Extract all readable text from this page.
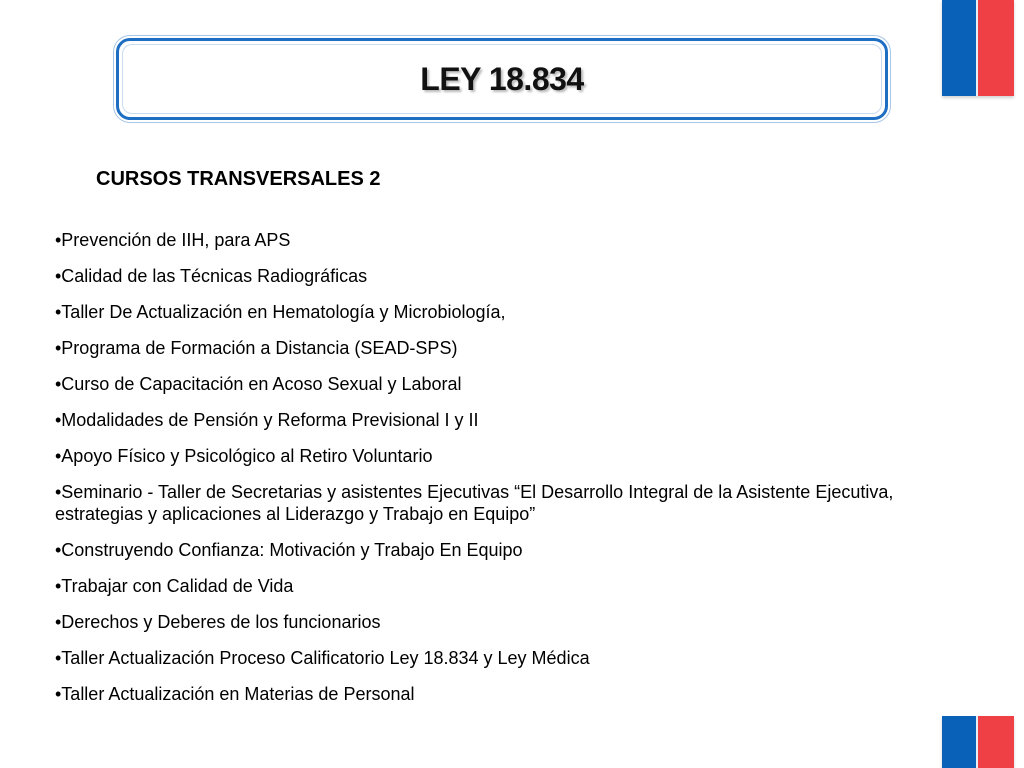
LEY 18.834
CURSOS TRANSVERSALES 2
•Prevención de IIH, para APS
•Calidad de las Técnicas Radiográficas
•Taller De Actualización en Hematología y Microbiología,
•Programa de Formación a Distancia (SEAD-SPS)
•Curso de Capacitación en Acoso Sexual y Laboral
•Modalidades de Pensión y Reforma Previsional I y II
•Apoyo Físico y Psicológico al Retiro Voluntario
•Seminario - Taller de Secretarias y asistentes Ejecutivas “El Desarrollo Integral de la Asistente Ejecutiva, estrategias y aplicaciones al Liderazgo y Trabajo en Equipo”
•Construyendo Confianza: Motivación y Trabajo En Equipo
•Trabajar con Calidad de Vida
•Derechos y Deberes de los funcionarios
•Taller Actualización Proceso Calificatorio Ley 18.834 y Ley Médica
•Taller Actualización en Materias de Personal
